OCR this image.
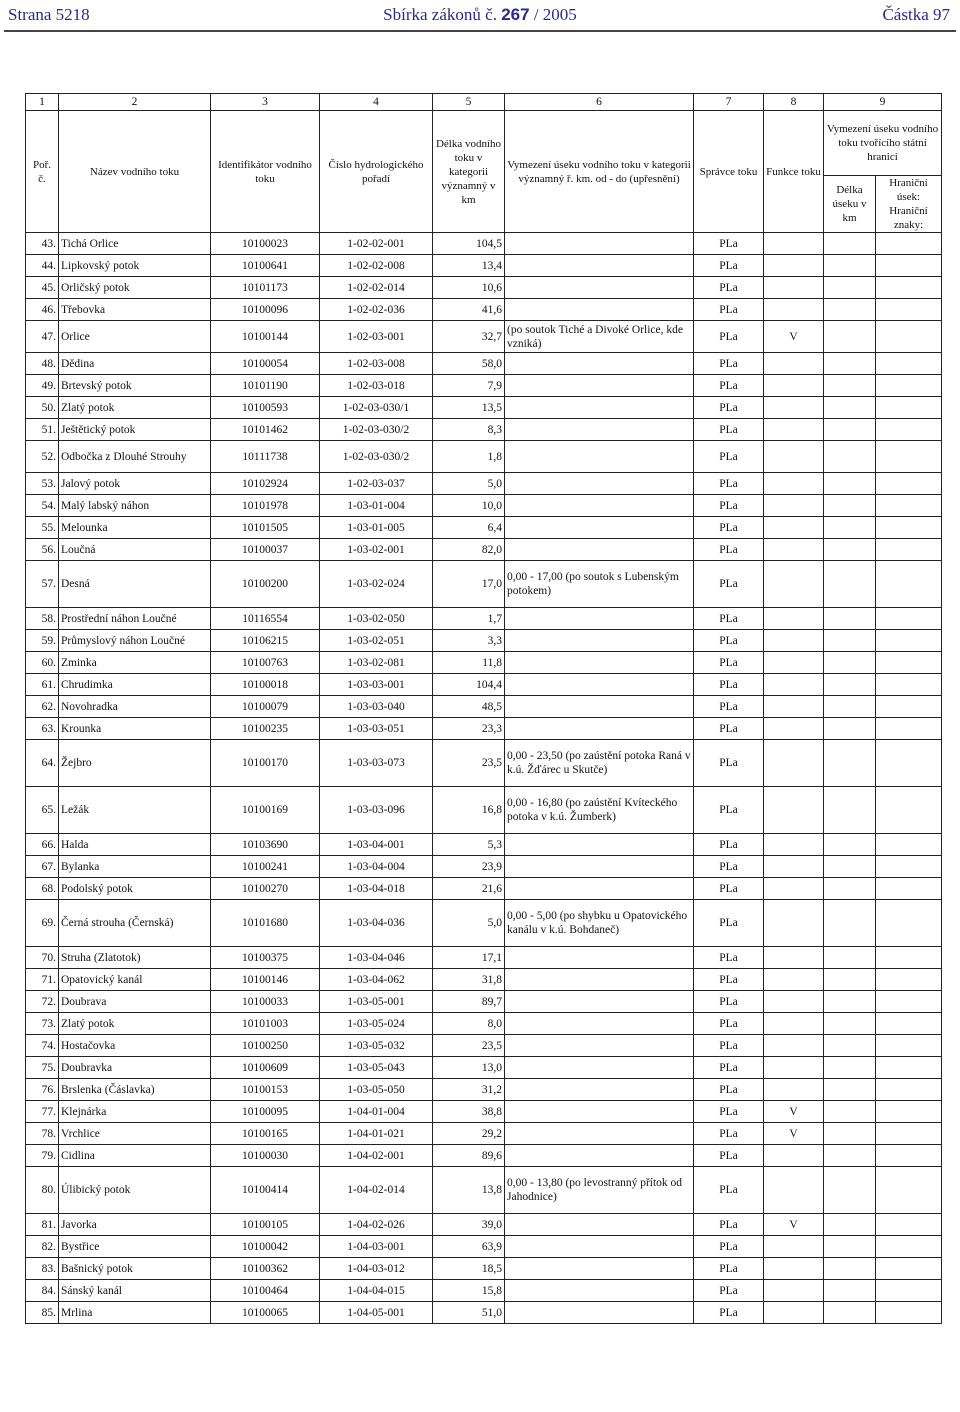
Strana 5218	Sbírka zákonů č. 267 / 2005	Částka 97
1	2	3	4	5	6	7	8	9	
Poř. č.	Název vodního toku	Identifikátor vodního toku	Číslo hydrologického pořadí	Délka vodního toku v kategorii významný v km	Vymezení úseku vodního toku v kategorii významný ř. km. od - do (upřesnění)	Správce toku	Funkce toku	Vymezení úseku vodního toku tvořícího státní hranici	
								Délka úseku v km	Hraniční úsek: Hraniční znaky:
43.	Tichá Orlice	10100023	1-02-02-001	104,5		PLa			
44.	Lipkovský potok	10100641	1-02-02-008	13,4		PLa			
45.	Orličský potok	10101173	1-02-02-014	10,6		PLa			
46.	Třebovka	10100096	1-02-02-036	41,6		PLa			
47.	Orlice	10100144	1-02-03-001	32,7	(po soutok Tiché a Divoké Orlice, kde vzniká)	PLa	V		
48.	Dědina	10100054	1-02-03-008	58,0		PLa			
49.	Brtevský potok	10101190	1-02-03-018	7,9		PLa			
50.	Zlatý potok	10100593	1-02-03-030/1	13,5		PLa			
51.	Ještětický potok	10101462	1-02-03-030/2	8,3		PLa			
52.	Odbočka z Dlouhé Strouhy	10111738	1-02-03-030/2	1,8		PLa			
53.	Jalový potok	10102924	1-02-03-037	5,0		PLa			
54.	Malý labský náhon	10101978	1-03-01-004	10,0		PLa			
55.	Melounka	10101505	1-03-01-005	6,4		PLa			
56.	Loučná	10100037	1-03-02-001	82,0		PLa			
57.	Desná	10100200	1-03-02-024	17,0	0,00 - 17,00 (po soutok s Lubenským potokem)	PLa			
58.	Prostřední náhon Loučné	10116554	1-03-02-050	1,7		PLa			
59.	Průmyslový náhon Loučné	10106215	1-03-02-051	3,3		PLa			
60.	Zminka	10100763	1-03-02-081	11,8		PLa			
61.	Chrudimka	10100018	1-03-03-001	104,4		PLa			
62.	Novohradka	10100079	1-03-03-040	48,5		PLa			
63.	Krounka	10100235	1-03-03-051	23,3		PLa			
64.	Žejbro	10100170	1-03-03-073	23,5	0,00 - 23,50 (po zaústění potoka Raná v k.ú. Žďárec u Skutče)	PLa			
65.	Ležák	10100169	1-03-03-096	16,8	0,00 - 16,80 (po zaústění Kvíteckého potoka v k.ú. Žumberk)	PLa			
66.	Halda	10103690	1-03-04-001	5,3		PLa			
67.	Bylanka	10100241	1-03-04-004	23,9		PLa			
68.	Podolský potok	10100270	1-03-04-018	21,6		PLa			
69.	Černá strouha (Černská)	10101680	1-03-04-036	5,0	0,00 - 5,00 (po shybku u Opatovického kanálu v k.ú. Bohdaneč)	PLa			
70.	Struha (Zlatotok)	10100375	1-03-04-046	17,1		PLa			
71.	Opatovický kanál	10100146	1-03-04-062	31,8		PLa			
72.	Doubrava	10100033	1-03-05-001	89,7		PLa			
73.	Zlatý potok	10101003	1-03-05-024	8,0		PLa			
74.	Hostačovka	10100250	1-03-05-032	23,5		PLa			
75.	Doubravka	10100609	1-03-05-043	13,0		PLa			
76.	Brslenka (Čáslavka)	10100153	1-03-05-050	31,2		PLa			
77.	Klejnárka	10100095	1-04-01-004	38,8		PLa	V		
78.	Vrchlice	10100165	1-04-01-021	29,2		PLa	V		
79.	Cidlina	10100030	1-04-02-001	89,6		PLa			
80.	Úlibický potok	10100414	1-04-02-014	13,8	0,00 - 13,80 (po levostranný přítok od Jahodnice)	PLa			
81.	Javorka	10100105	1-04-02-026	39,0		PLa	V		
82.	Bystřice	10100042	1-04-03-001	63,9		PLa			
83.	Bašnický potok	10100362	1-04-03-012	18,5		PLa			
84.	Sánský kanál	10100464	1-04-04-015	15,8		PLa			
85.	Mrlina	10100065	1-04-05-001	51,0		PLa			
